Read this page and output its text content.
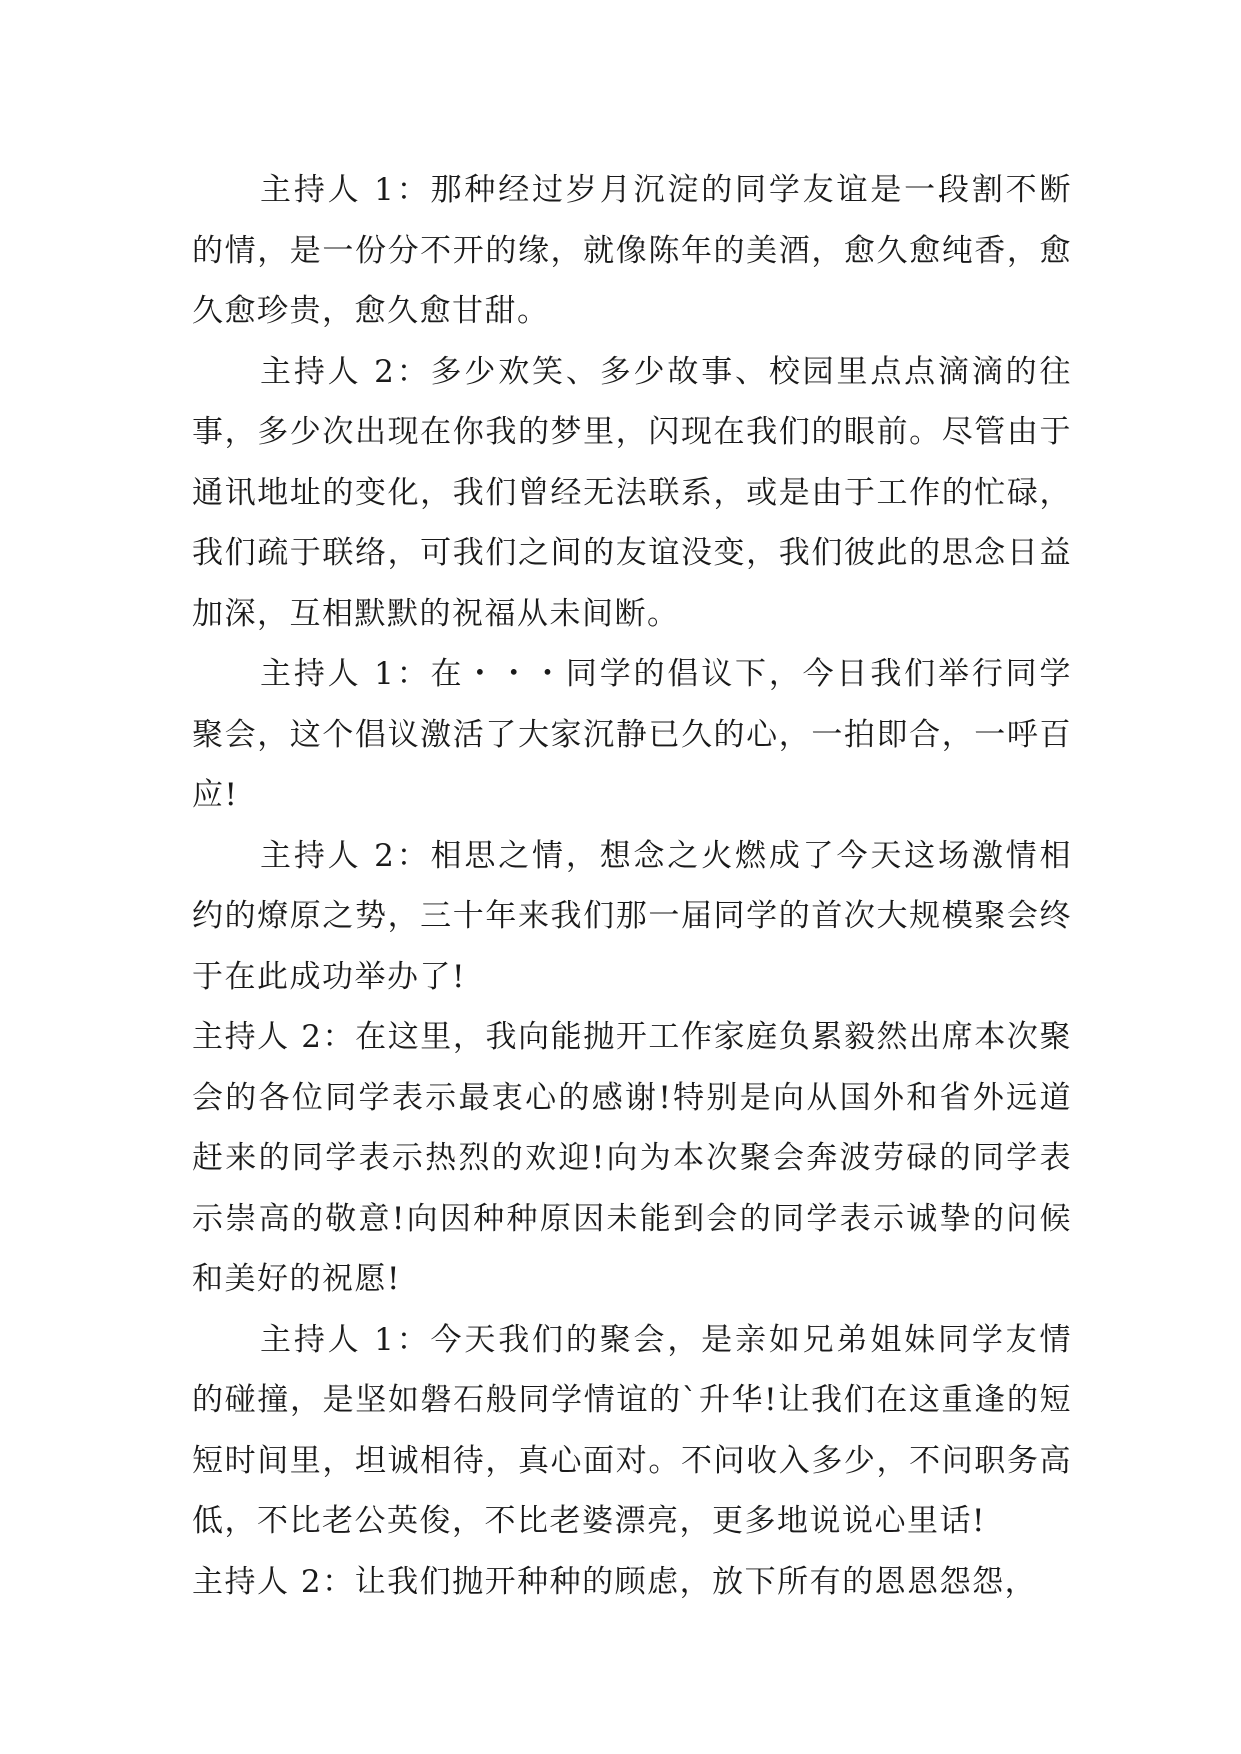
主持人 1：那种经过岁月沉淀的同学友谊是一段割不断的情，是一份分不开的缘，就像陈年的美酒，愈久愈纯香，愈久愈珍贵，愈久愈甘甜。

主持人 2：多少欢笑、多少故事、校园里点点滴滴的往事，多少次出现在你我的梦里，闪现在我们的眼前。尽管由于通讯地址的变化，我们曾经无法联系，或是由于工作的忙碌，我们疏于联络，可我们之间的友谊没变，我们彼此的思念日益加深，互相默默的祝福从未间断。

主持人 1：在・・・同学的倡议下，今日我们举行同学聚会，这个倡议激活了大家沉静已久的心，一拍即合，一呼百应!

主持人 2：相思之情，想念之火燃成了今天这场激情相约的燎原之势，三十年来我们那一届同学的首次大规模聚会终于在此成功举办了!

主持人 2：在这里，我向能抛开工作家庭负累毅然出席本次聚会的各位同学表示最衷心的感谢!特别是向从国外和省外远道赶来的同学表示热烈的欢迎!向为本次聚会奔波劳碌的同学表示崇高的敬意!向因种种原因未能到会的同学表示诚挚的问候和美好的祝愿!

主持人 1：今天我们的聚会，是亲如兄弟姐妹同学友情的碰撞，是坚如磐石般同学情谊的`升华!让我们在这重逢的短短时间里，坦诚相待，真心面对。不问收入多少，不问职务高低，不比老公英俊，不比老婆漂亮，更多地说说心里话!

主持人 2：让我们抛开种种的顾虑，放下所有的恩恩怨怨，
